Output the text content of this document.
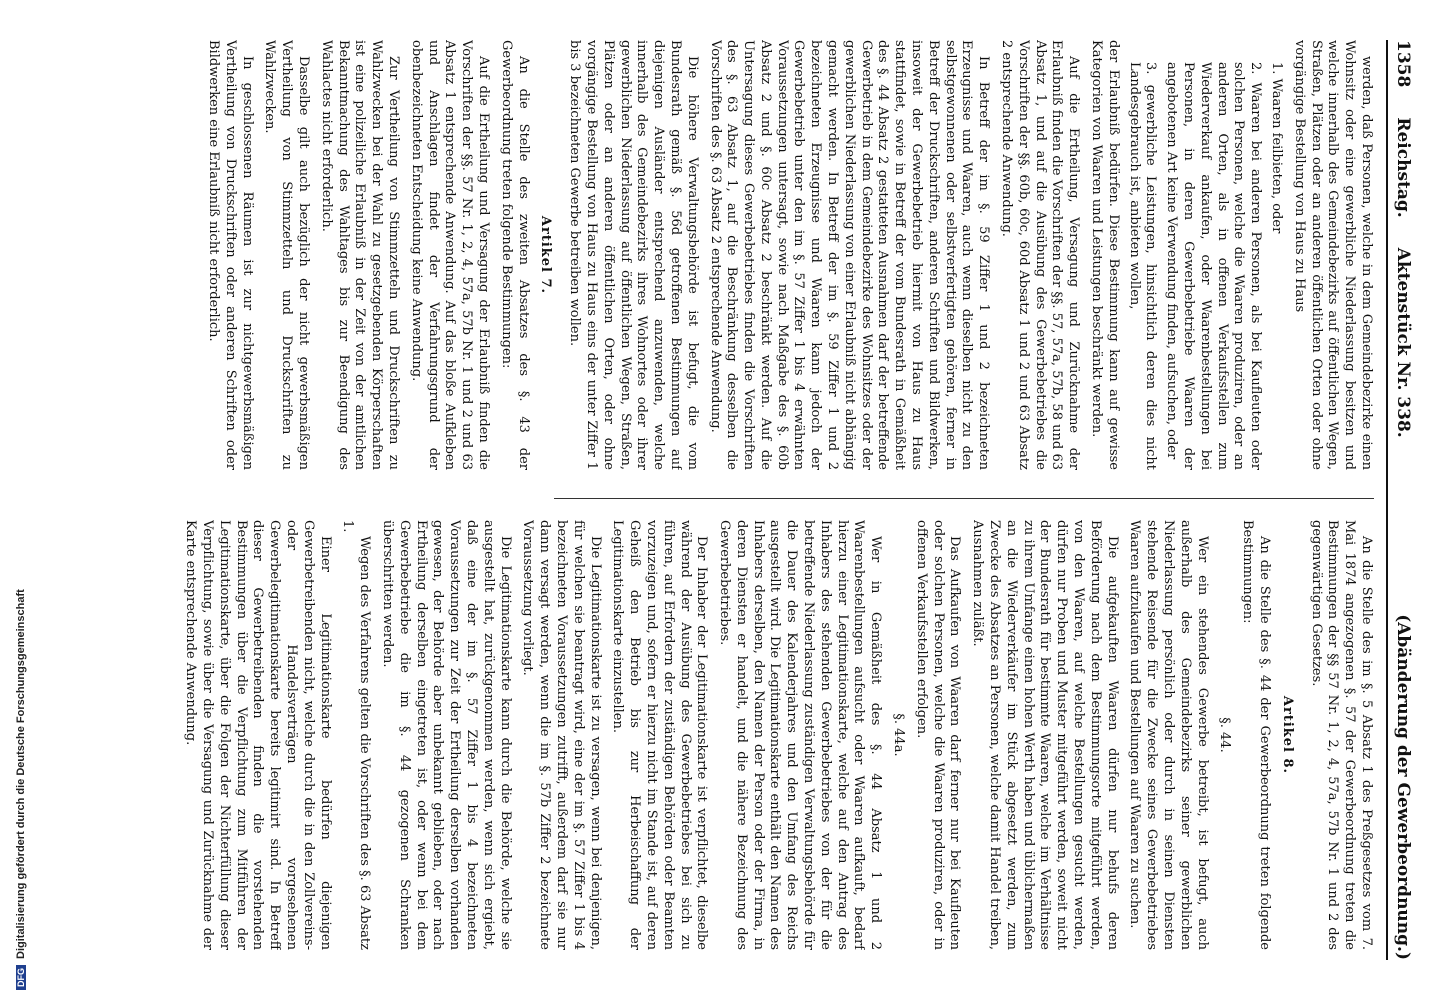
DFGDigitalisierung gefördert durch die Deutsche Forschungsgemeinschaft
1358
Reichstag.
Aktenstück Nr. 338.
(Abänderung der Gewerbeordnung.)

werden, daß Personen, welche in dem Gemeindebezirke einen Wohnsitz oder eine gewerbliche Niederlassung besitzen und welche innerhalb des Gemeindebezirks auf öffentlichen Wegen, Straßen, Plätzen oder an anderen öffentlichen Orten oder ohne vorgängige Bestellung von Haus zu Haus

1. Waaren feilbieten, oder

2. Waaren bei anderen Personen, als bei Kaufleuten oder solchen Personen, welche die Waaren produziren, oder an anderen Orten, als in offenen Verkaufsstellen zum Wiederverkauf ankaufen, oder Waarenbestellungen bei Personen, in deren Gewerbebetriebe Waaren der angebotenen Art keine Verwendung finden, aufsuchen, oder

3. gewerbliche Leistungen, hinsichtlich deren dies nicht Landesgebrauch ist, anbieten wollen,

der Erlaubniß bedürfen. Diese Bestimmung kann auf gewisse Kategorien von Waaren und Leistungen beschränkt werden.

Auf die Ertheilung, Versagung und Zurücknahme der Erlaubniß finden die Vorschriften der §§. 57, 57a, 57b, 58 und 63 Absatz 1, und auf die Ausübung des Gewerbebetriebes die Vorschriften der §§. 60b, 60c, 60d Absatz 1 und 2 und 63 Absatz 2 entsprechende Anwendung.

In Betreff der im §. 59 Ziffer 1 und 2 bezeichneten Erzeugnisse und Waaren, auch wenn dieselben nicht zu den selbstgewonnenen oder selbstverfertigten gehören, ferner in Betreff der Druckschriften, anderen Schriften und Bildwerken, insoweit der Gewerbebetrieb hiermit von Haus zu Haus stattfindet, sowie in Betreff der vom Bundesrath in Gemäßheit des §. 44 Absatz 2 gestatteten Ausnahmen darf der betreffende Gewerbetrieb in dem Gemeindebezirke des Wohnsitzes oder der gewerblichen Niederlassung von einer Erlaubniß nicht abhängig gemacht werden. In Betreff der im §. 59 Ziffer 1 und 2 bezeichneten Erzeugnisse und Waaren kann jedoch der Gewerbebetrieb unter den im §. 57 Ziffer 1 bis 4 erwähnten Voraussetzungen untersagt, sowie nach Maßgabe des §. 60b Absatz 2 und §. 60c Absatz 2 beschränkt werden. Auf die Untersagung dieses Gewerbebetriebes finden die Vorschriften des §. 63 Absatz 1, auf die Beschränkung desselben die Vorschriften des §. 63 Absatz 2 entsprechende Anwendung.

Die höhere Verwaltungsbehörde ist befugt, die vom Bundesrath gemäß §. 56d getroffenen Bestimmungen auf diejenigen Ausländer entsprechend anzuwenden, welche innerhalb des Gemeindebezirks ihres Wohnortes oder ihrer gewerblichen Niederlassung auf öffentlichen Wegen, Straßen, Plätzen oder an anderen öffentlichen Orten, oder ohne vorgängige Bestellung von Haus zu Haus eins der unter Ziffer 1 bis 3 bezeichneten Gewerbe betreiben wollen.

Artikel 7.

An die Stelle des zweiten Absatzes des §. 43 der Gewerbeordnung treten folgende Bestimmungen:

Auf die Ertheilung und Versagung der Erlaubniß finden die Vorschriften der §§. 57 Nr. 1, 2, 4, 57a, 57b Nr. 1 und 2 und 63 Absatz 1 entsprechende Anwendung. Auf das bloße Aufkleben und Anschlagen findet der Verfahrungsgrund der obenbezeichneten Entscheidung keine Anwendung.

Zur Vertheilung von Stimmzetteln und Druckschriften zu Wahlzwecken bei der Wahl zu gesetzgebenden Körperschaften ist eine polizeiliche Erlaubniß in der Zeit von der amtlichen Bekanntmachung des Wahltages bis zur Beendigung des Wahlactes nicht erforderlich.

Dasselbe gilt auch bezüglich der nicht gewerbsmäßigen Vertheilung von Stimmzetteln und Druckschriften zu Wahlzwecken.

In geschlossenen Räumen ist zur nichtgewerbsmäßigen Vertheilung von Druckschriften oder anderen Schriften oder Bildwerken eine Erlaubniß nicht erforderlich.

An die Stelle des im §. 5 Absatz 1 des Preßgesetzes vom 7. Mai 1874 angezogenen §. 57 der Gewerbeordnung treten die Bestimmungen der §§ 57 Nr. 1, 2, 4, 57a, 57b Nr. 1 und 2 des gegenwärtigen Gesetzes.

Artikel 8.

An die Stelle des §. 44 der Gewerbeordnung treten folgende Bestimmungen:

§. 44.

Wer ein stehendes Gewerbe betreibt, ist befugt, auch außerhalb des Gemeindebezirks seiner gewerblichen Niederlassung persönlich oder durch in seinen Diensten stehende Reisende für die Zwecke seines Gewerbebetriebes Waaren aufzukaufen und Bestellungen auf Waaren zu suchen.

Die aufgekauften Waaren dürfen nur behufs deren Beförderung nach dem Bestimmungsorte mitgeführt werden, von den Waaren, auf welche Bestellungen gesucht werden, dürfen nur Proben und Muster mitgeführt werden, soweit nicht der Bundesrath für bestimmte Waaren, welche im Verhältnisse zu ihrem Umfange einen hohen Werth haben und üblichermaßen an die Wiederverkäufer im Stück abgesetzt werden, zum Zwecke des Absatzes an Personen, welche damit Handel treiben, Ausnahmen zuläßt.

Das Aufkaufen von Waaren darf ferner nur bei Kaufleuten oder solchen Personen, welche die Waaren produziren, oder in offenen Verkaufsstellen erfolgen.

§. 44a.

Wer in Gemäßheit des §. 44 Absatz 1 und 2 Waarenbestellungen aufsucht oder Waaren aufkauft, bedarf hierzu einer Legitimationskarte, welche auf den Antrag des Inhabers des stehenden Gewerbebetriebes von der für die betreffende Niederlassung zuständigen Verwaltungsbehörde für die Dauer des Kalenderjahres und den Umfang des Reichs ausgestellt wird. Die Legitimationskarte enthält den Namen des Inhabers derselben, den Namen der Person oder der Firma, in deren Diensten er handelt, und die nähere Bezeichnung des Gewerbebetriebes.

Der Inhaber der Legitimationskarte ist verpflichtet, dieselbe während der Ausübung des Gewerbebetriebes bei sich zu führen, auf Erfordern der zuständigen Behörden oder Beamten vorzuzeigen und, sofern er hierzu nicht im Stande ist, auf deren Geheiß den Betrieb bis zur Herbeischaffung der Legitimationskarte einzustellen.

Die Legitimationskarte ist zu versagen, wenn bei denjenigen, für welchen sie beantragt wird, eine der im §. 57 Ziffer 1 bis 4 bezeichneten Voraussetzungen zutrifft, außerdem darf sie nur dann versagt werden, wenn die im §. 57b Ziffer 2 bezeichnete Voraussetzung vorliegt.

Die Legitimationskarte kann durch die Behörde, welche sie ausgestellt hat, zurückgenommen werden, wenn sich ergiebt, daß eine der im §. 57 Ziffer 1 bis 4 bezeichneten Voraussetzungen zur Zeit der Ertheilung derselben vorhanden gewesen, der Behörde aber unbekannt geblieben, oder nach Ertheilung derselben eingetreten ist, oder wenn bei dem Gewerbebetriebe die im §. 44 gezogenen Schranken überschritten werden.

Wegen des Verfahrens gelten die Vorschriften des §. 63 Absatz 1.

Einer Legitimationskarte bedürfen diejenigen Gewerbetreibenden nicht, welche durch die in den Zollvereins- oder Handelsverträgen vorgesehenen Gewerbelegitimationskarte bereits legitimirt sind. In Betreff dieser Gewerbetreibenden finden die vorstehenden Bestimmungen über die Verpflichtung zum Mitführen der Legitimationskarte, über die Folgen der Nichterfüllung dieser Verpflichtung, sowie über die Versagung und Zurücknahme der Karte entsprechende Anwendung.
